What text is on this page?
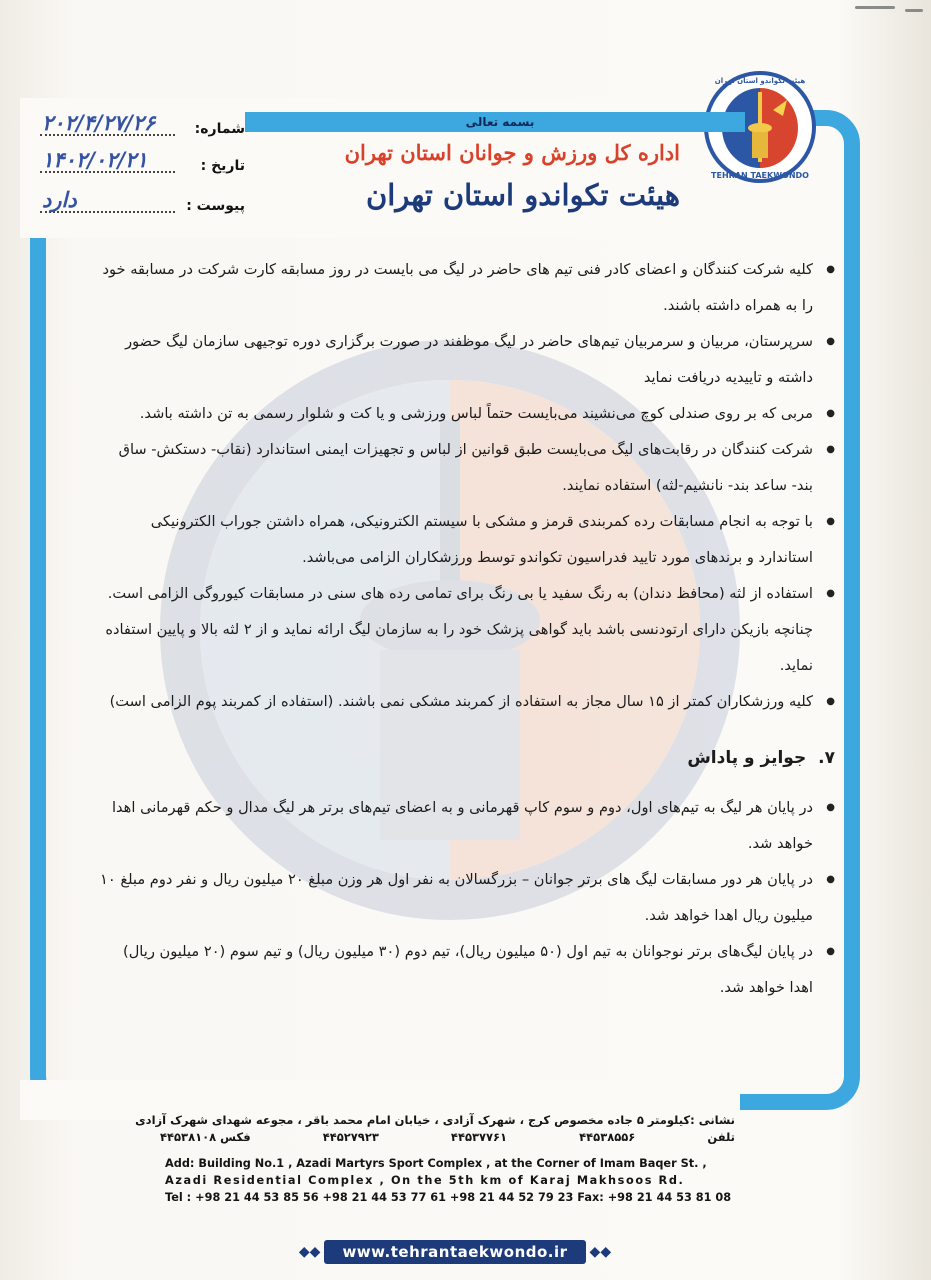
TEHRAN TAEKWONDO
هیئت تکواندو استان تهران
بسمه تعالی
اداره کل ورزش و جوانان استان تهران
هیئت تکواندو استان تهران
شماره:
۲۰۲/۴/۲۷/۲۶
تاریخ :
۱۴۰۲/۰۲/۲۱
پیوست :
دارد
● کلیه شرکت کنندگان و اعضای کادر فنی تیم های حاضر در لیگ می بایست در روز مسابقه کارت شرکت در مسابقه خود را به همراه داشته باشند.
● سرپرستان، مربیان و سرمربیان تیم‌های حاضر در لیگ موظفند در صورت برگزاری دوره توجیهی سازمان لیگ حضور داشته و تاییدیه دریافت نماید
● مربی که بر روی صندلی کوچ می‌نشیند می‌بایست حتماً لباس ورزشی و یا کت و شلوار رسمی به تن داشته باشد.
● شرکت کنندگان در رقابت‌های لیگ می‌بایست طبق قوانین از لباس و تجهیزات ایمنی استاندارد (نقاب- دستکش- ساق بند- ساعد بند- نانشیم-لثه) استفاده نمایند.
● با توجه به انجام مسابقات رده کمربندی قرمز و مشکی با سیستم الکترونیکی، همراه داشتن جوراب الکترونیکی استاندارد و برندهای مورد تایید فدراسیون تکواندو توسط ورزشکاران الزامی می‌باشد.
● استفاده از لثه (محافظ دندان) به رنگ سفید یا بی رنگ برای تمامی رده های سنی در مسابقات کیوروگی الزامی است. چنانچه بازیکن دارای ارتودنسی باشد باید گواهی پزشک خود را به سازمان لیگ ارائه نماید و از ۲ لثه بالا و پایین استفاده نماید.
● کلیه ورزشکاران کمتر از ۱۵ سال مجاز به استفاده از کمربند مشکی نمی باشند. (استفاده از کمربند پوم الزامی است)
۷. جوایز و پاداش
● در پایان هر لیگ به تیم‌های اول، دوم و سوم کاپ قهرمانی و به اعضای تیم‌های برتر هر لیگ مدال و حکم قهرمانی اهدا خواهد شد.
● در پایان هر دور مسابقات لیگ های برتر جوانان – بزرگسالان به نفر اول هر وزن مبلغ ۲۰ میلیون ریال و نفر دوم مبلغ ۱۰ میلیون ریال اهدا خواهد شد.
● در پایان لیگ‌های برتر نوجوانان به تیم اول (۵۰ میلیون ریال)، تیم دوم (۳۰ میلیون ریال) و تیم سوم (۲۰ میلیون ریال) اهدا خواهد شد.
نشانی :کیلومتر ۵ جاده مخصوص کرج ، شهرک آزادی ، خیابان امام محمد باقر ، مجوعه شهدای شهرک آزادی
تلفن
۴۴۵۳۸۵۵۶
۴۴۵۳۷۷۶۱
۴۴۵۲۷۹۲۳
فکس ۴۴۵۳۸۱۰۸
Add: Building No.1 , Azadi Martyrs Sport Complex , at the Corner of Imam Baqer St. ,
Azadi Residential Complex , On the 5th km of Karaj Makhsoos Rd.
Tel : +98 21 44 53 85 56 +98 21 44 53 77 61 +98 21 44 52 79 23 Fax: +98 21 44 53 81 08
◆◆	www.tehrantaekwondo.ir	◆◆
